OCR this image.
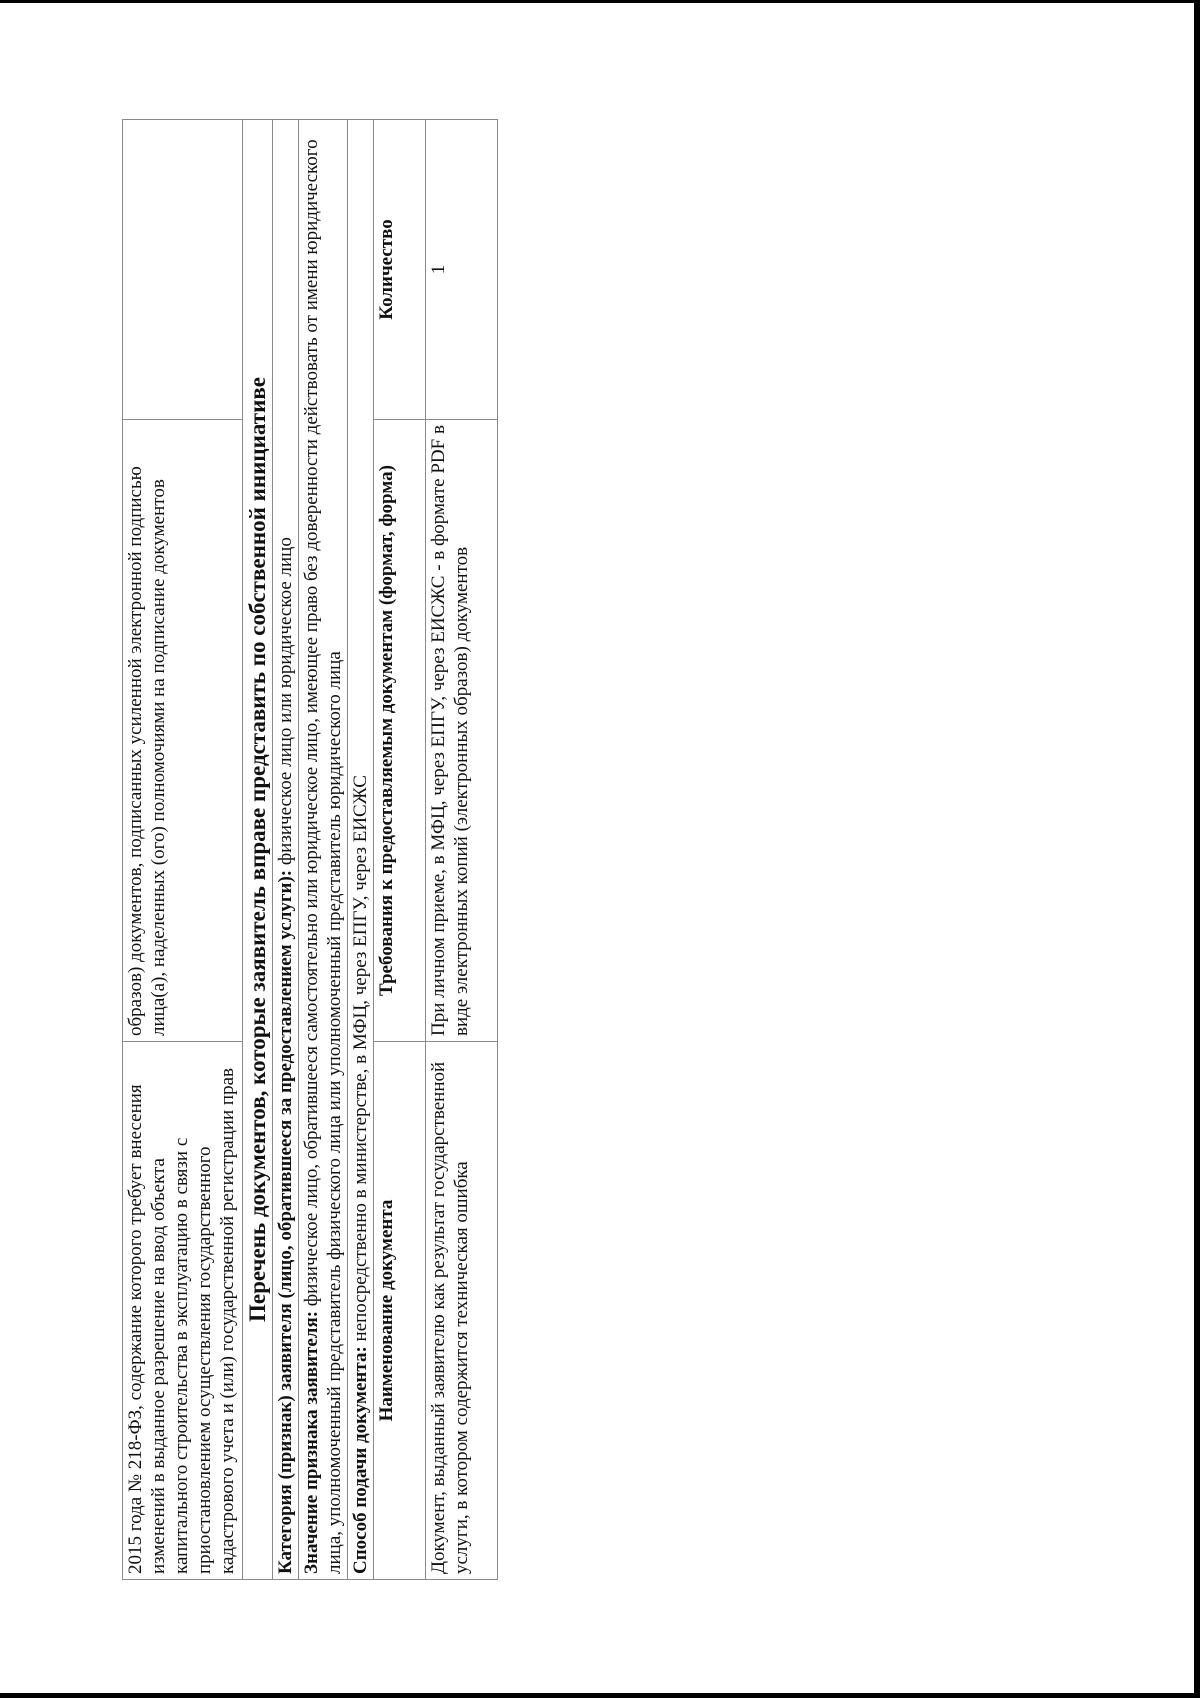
2015 года № 218-ФЗ, содержание которого требует внесения изменений в выданное разрешение на ввод объекта капитального строительства в эксплуатацию в связи с приостановлением осуществления государственного кадастрового учета и (или) государственной регистрации прав	образов) документов, подписанных усиленной электронной подписью лица(а), наделенных (ого) полномочиями на подписание документов	
Перечень документов, которые заявитель вправе представить по собственной инициативе		
Категория (признак) заявителя (лицо, обратившееся за предоставлением услуги): физическое лицо или юридическое лицо		
Значение признака заявителя: физическое лицо, обратившееся самостоятельно или юридическое лицо, имеющее право без доверенности действовать от имени юридического лица, уполномоченный представитель физического лица или уполномоченный представитель юридического лица		
Способ подачи документа: непосредственно в министерстве, в МФЦ, через ЕПГУ, через ЕИСЖС		
Наименование документа	Требования к предоставляемым документам (формат, форма)	Количество
Документ, выданный заявителю как результат государственной услуги, в котором содержится техническая ошибка	При личном приеме, в МФЦ, через ЕПГУ, через ЕИСЖС - в формате PDF в виде электронных копий (электронных образов) документов	1
